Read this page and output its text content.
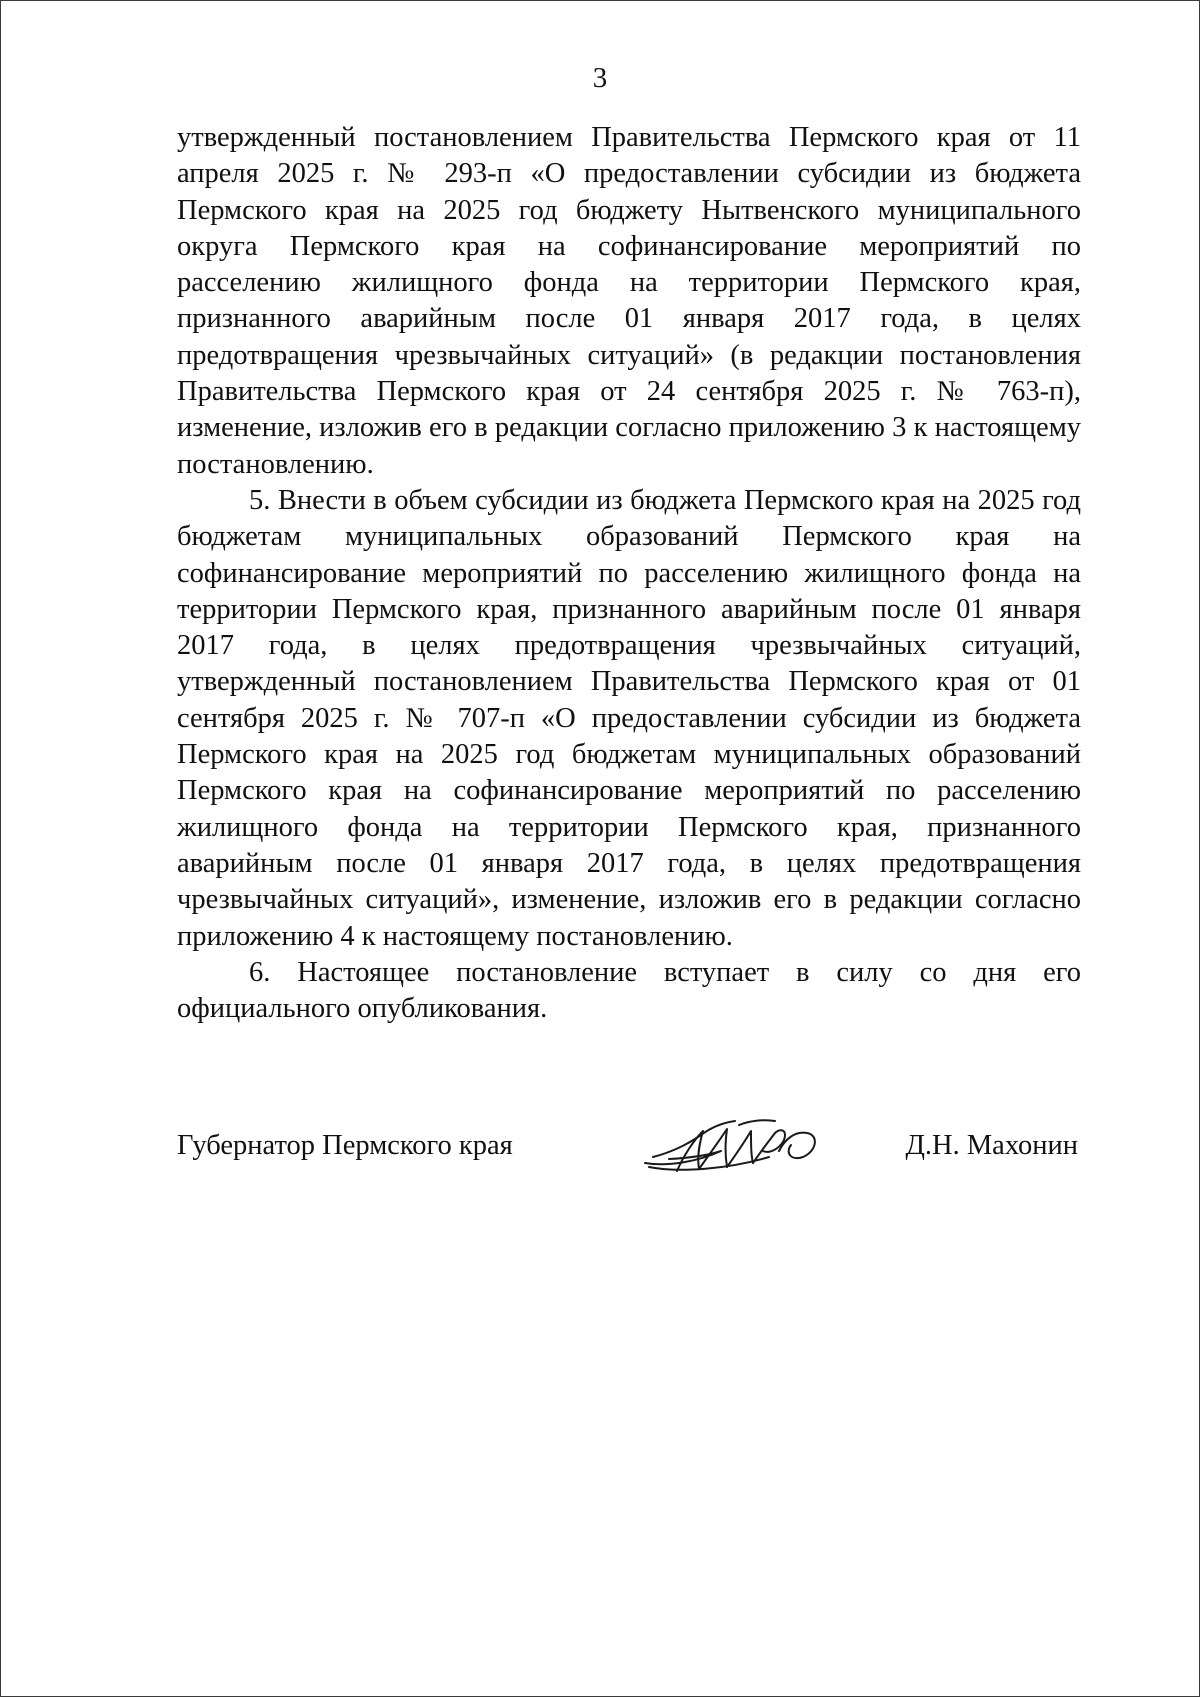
3

утвержденный постановлением Правительства Пермского края от 11 апреля 2025 г. № 293-п «О предоставлении субсидии из бюджета Пермского края на 2025 год бюджету Нытвенского муниципального округа Пермского края на софинансирование мероприятий по расселению жилищного фонда на территории Пермского края, признанного аварийным после 01 января 2017 года, в целях предотвращения чрезвычайных ситуаций» (в редакции постановления Правительства Пермского края от 24 сентября 2025 г. № 763-п), изменение, изложив его в редакции согласно приложению 3 к настоящему постановлению.

5. Внести в объем субсидии из бюджета Пермского края на 2025 год бюджетам муниципальных образований Пермского края на софинансирование мероприятий по расселению жилищного фонда на территории Пермского края, признанного аварийным после 01 января 2017 года, в целях предотвращения чрезвычайных ситуаций, утвержденный постановлением Правительства Пермского края от 01 сентября 2025 г. № 707-п «О предоставлении субсидии из бюджета Пермского края на 2025 год бюджетам муниципальных образований Пермского края на софинансирование мероприятий по расселению жилищного фонда на территории Пермского края, признанного аварийным после 01 января 2017 года, в целях предотвращения чрезвычайных ситуаций», изменение, изложив его в редакции согласно приложению 4 к настоящему постановлению.

6. Настоящее постановление вступает в силу со дня его официального опубликования.

Губернатор Пермского края	Д.Н. Махонин
